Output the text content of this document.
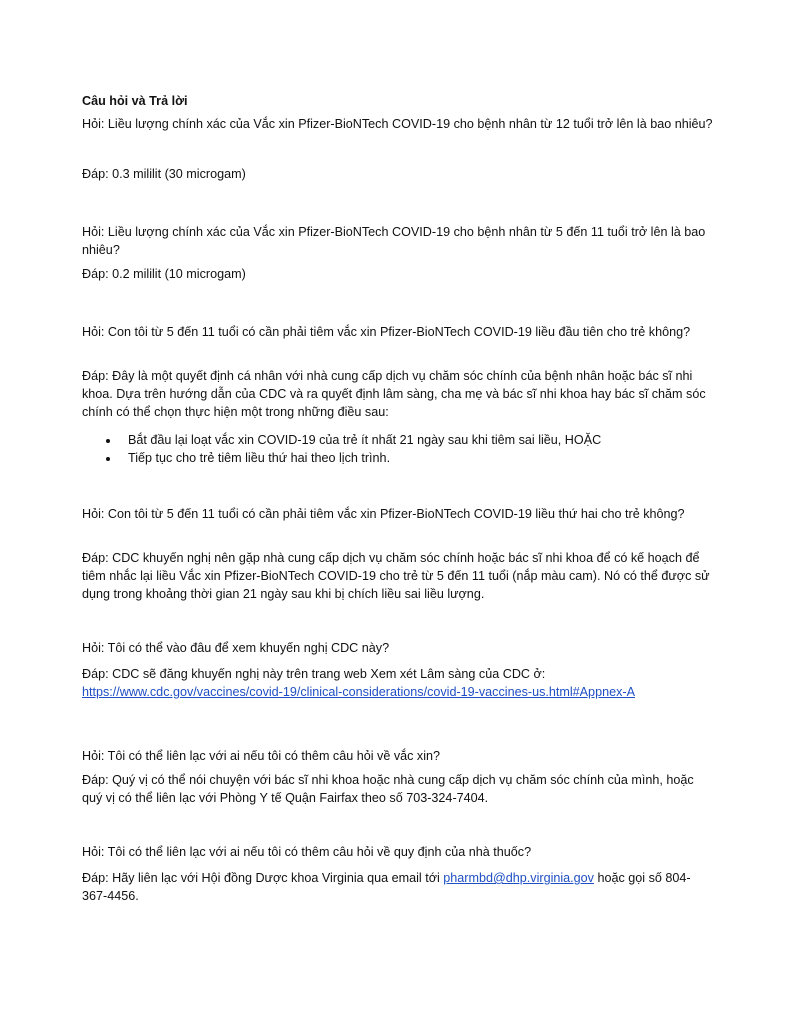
Câu hỏi và Trả lời

Hỏi: Liều lượng chính xác của Vắc xin Pfizer-BioNTech COVID-19 cho bệnh nhân từ 12 tuổi trở lên là bao nhiêu?

Đáp: 0.3 mililit (30 microgam)

Hỏi: Liều lượng chính xác của Vắc xin Pfizer-BioNTech COVID-19 cho bệnh nhân từ 5 đến 11 tuổi trở lên là bao nhiêu?

Đáp: 0.2 mililit (10 microgam)

Hỏi: Con tôi từ 5 đến 11 tuổi có cần phải tiêm vắc xin Pfizer-BioNTech COVID-19 liều đầu tiên cho trẻ không?

Đáp: Đây là một quyết định cá nhân với nhà cung cấp dịch vụ chăm sóc chính của bệnh nhân hoặc bác sĩ nhi khoa. Dựa trên hướng dẫn của CDC và ra quyết định lâm sàng, cha mẹ và bác sĩ nhi khoa hay bác sĩ chăm sóc chính có thể chọn thực hiện một trong những điều sau:

• Bắt đầu lại loạt vắc xin COVID-19 của trẻ ít nhất 21 ngày sau khi tiêm sai liều, HOẶC
• Tiếp tục cho trẻ tiêm liều thứ hai theo lịch trình.

Hỏi: Con tôi từ 5 đến 11 tuổi có cần phải tiêm vắc xin Pfizer-BioNTech COVID-19 liều thứ hai cho trẻ không?

Đáp: CDC khuyến nghị nên gặp nhà cung cấp dịch vụ chăm sóc chính hoặc bác sĩ nhi khoa để có kế hoạch để tiêm nhắc lại liều Vắc xin Pfizer-BioNTech COVID-19 cho trẻ từ 5 đến 11 tuổi (nắp màu cam). Nó có thể được sử dụng trong khoảng thời gian 21 ngày sau khi bị chích liều sai liều lượng.

Hỏi: Tôi có thể vào đâu để xem khuyến nghị CDC này?

Đáp: CDC sẽ đăng khuyến nghị này trên trang web Xem xét Lâm sàng của CDC ở:
https://www.cdc.gov/vaccines/covid-19/clinical-considerations/covid-19-vaccines-us.html#Appnex-A

Hỏi: Tôi có thể liên lạc với ai nếu tôi có thêm câu hỏi về vắc xin?

Đáp: Quý vị có thể nói chuyện với bác sĩ nhi khoa hoặc nhà cung cấp dịch vụ chăm sóc chính của mình, hoặc quý vị có thể liên lạc với Phòng Y tế Quận Fairfax theo số 703-324-7404.

Hỏi: Tôi có thể liên lạc với ai nếu tôi có thêm câu hỏi về quy định của nhà thuốc?

Đáp: Hãy liên lạc với Hội đồng Dược khoa Virginia qua email tới pharmbd@dhp.virginia.gov hoặc gọi số 804-367-4456.
